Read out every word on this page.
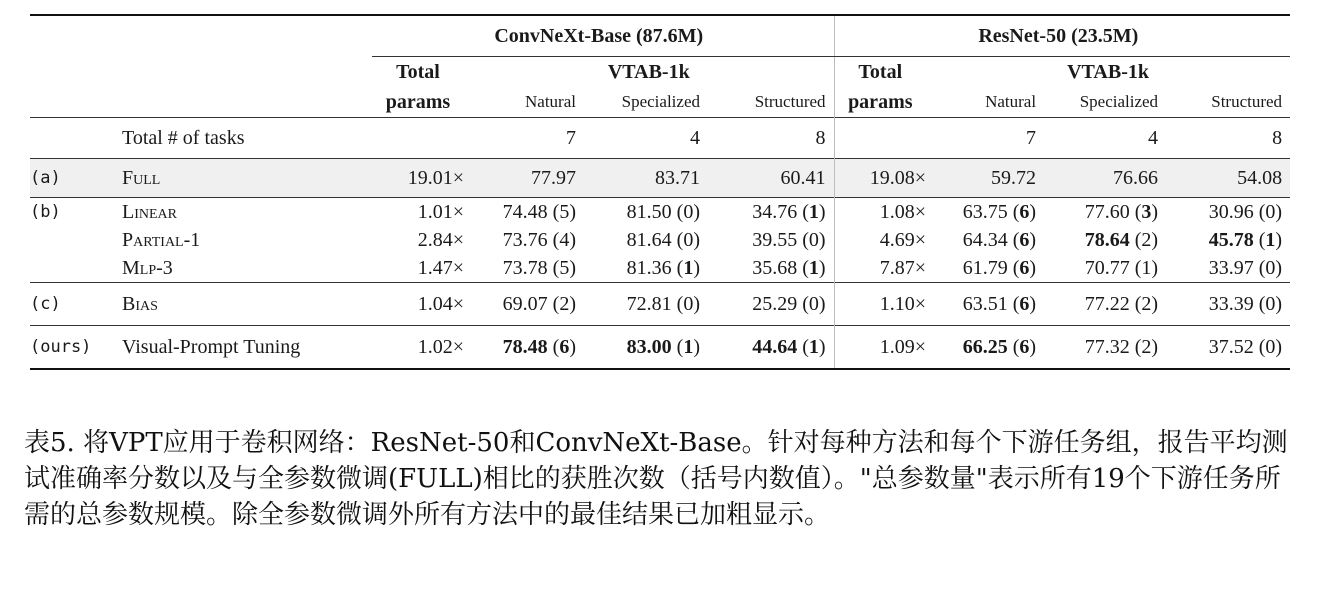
		ConvNeXt-Base (87.6M)				ResNet-50 (23.5M)			
		Total	VTAB-1k			Total	VTAB-1k		
		params	Natural	Specialized	Structured	params	Natural	Specialized	Structured
	Total # of tasks		7	4	8		7	4	8
(a)	Full	19.01×	77.97	83.71	60.41	19.08×	59.72	76.66	54.08
(b)	Linear	1.01×	74.48 (5)	81.50 (0)	34.76 (1)	1.08×	63.75 (6)	77.60 (3)	30.96 (0)
	Partial-1	2.84×	73.76 (4)	81.64 (0)	39.55 (0)	4.69×	64.34 (6)	78.64 (2)	45.78 (1)
	Mlp-3	1.47×	73.78 (5)	81.36 (1)	35.68 (1)	7.87×	61.79 (6)	70.77 (1)	33.97 (0)
(c)	Bias	1.04×	69.07 (2)	72.81 (0)	25.29 (0)	1.10×	63.51 (6)	77.22 (2)	33.39 (0)
(ours)	Visual-Prompt Tuning	1.02×	78.48 (6)	83.00 (1)	44.64 (1)	1.09×	66.25 (6)	77.32 (2)	37.52 (0)

表5. 将VPT应用于卷积网络：ResNet-50和ConvNeXt-Base。针对每种方法和每个下游任务组，报告平均测试准确率分数以及与全参数微调(FULL)相比的获胜次数（括号内数值）。"总参数量"表示所有19个下游任务所需的总参数规模。除全参数微调外所有方法中的最佳结果已加粗显示。
